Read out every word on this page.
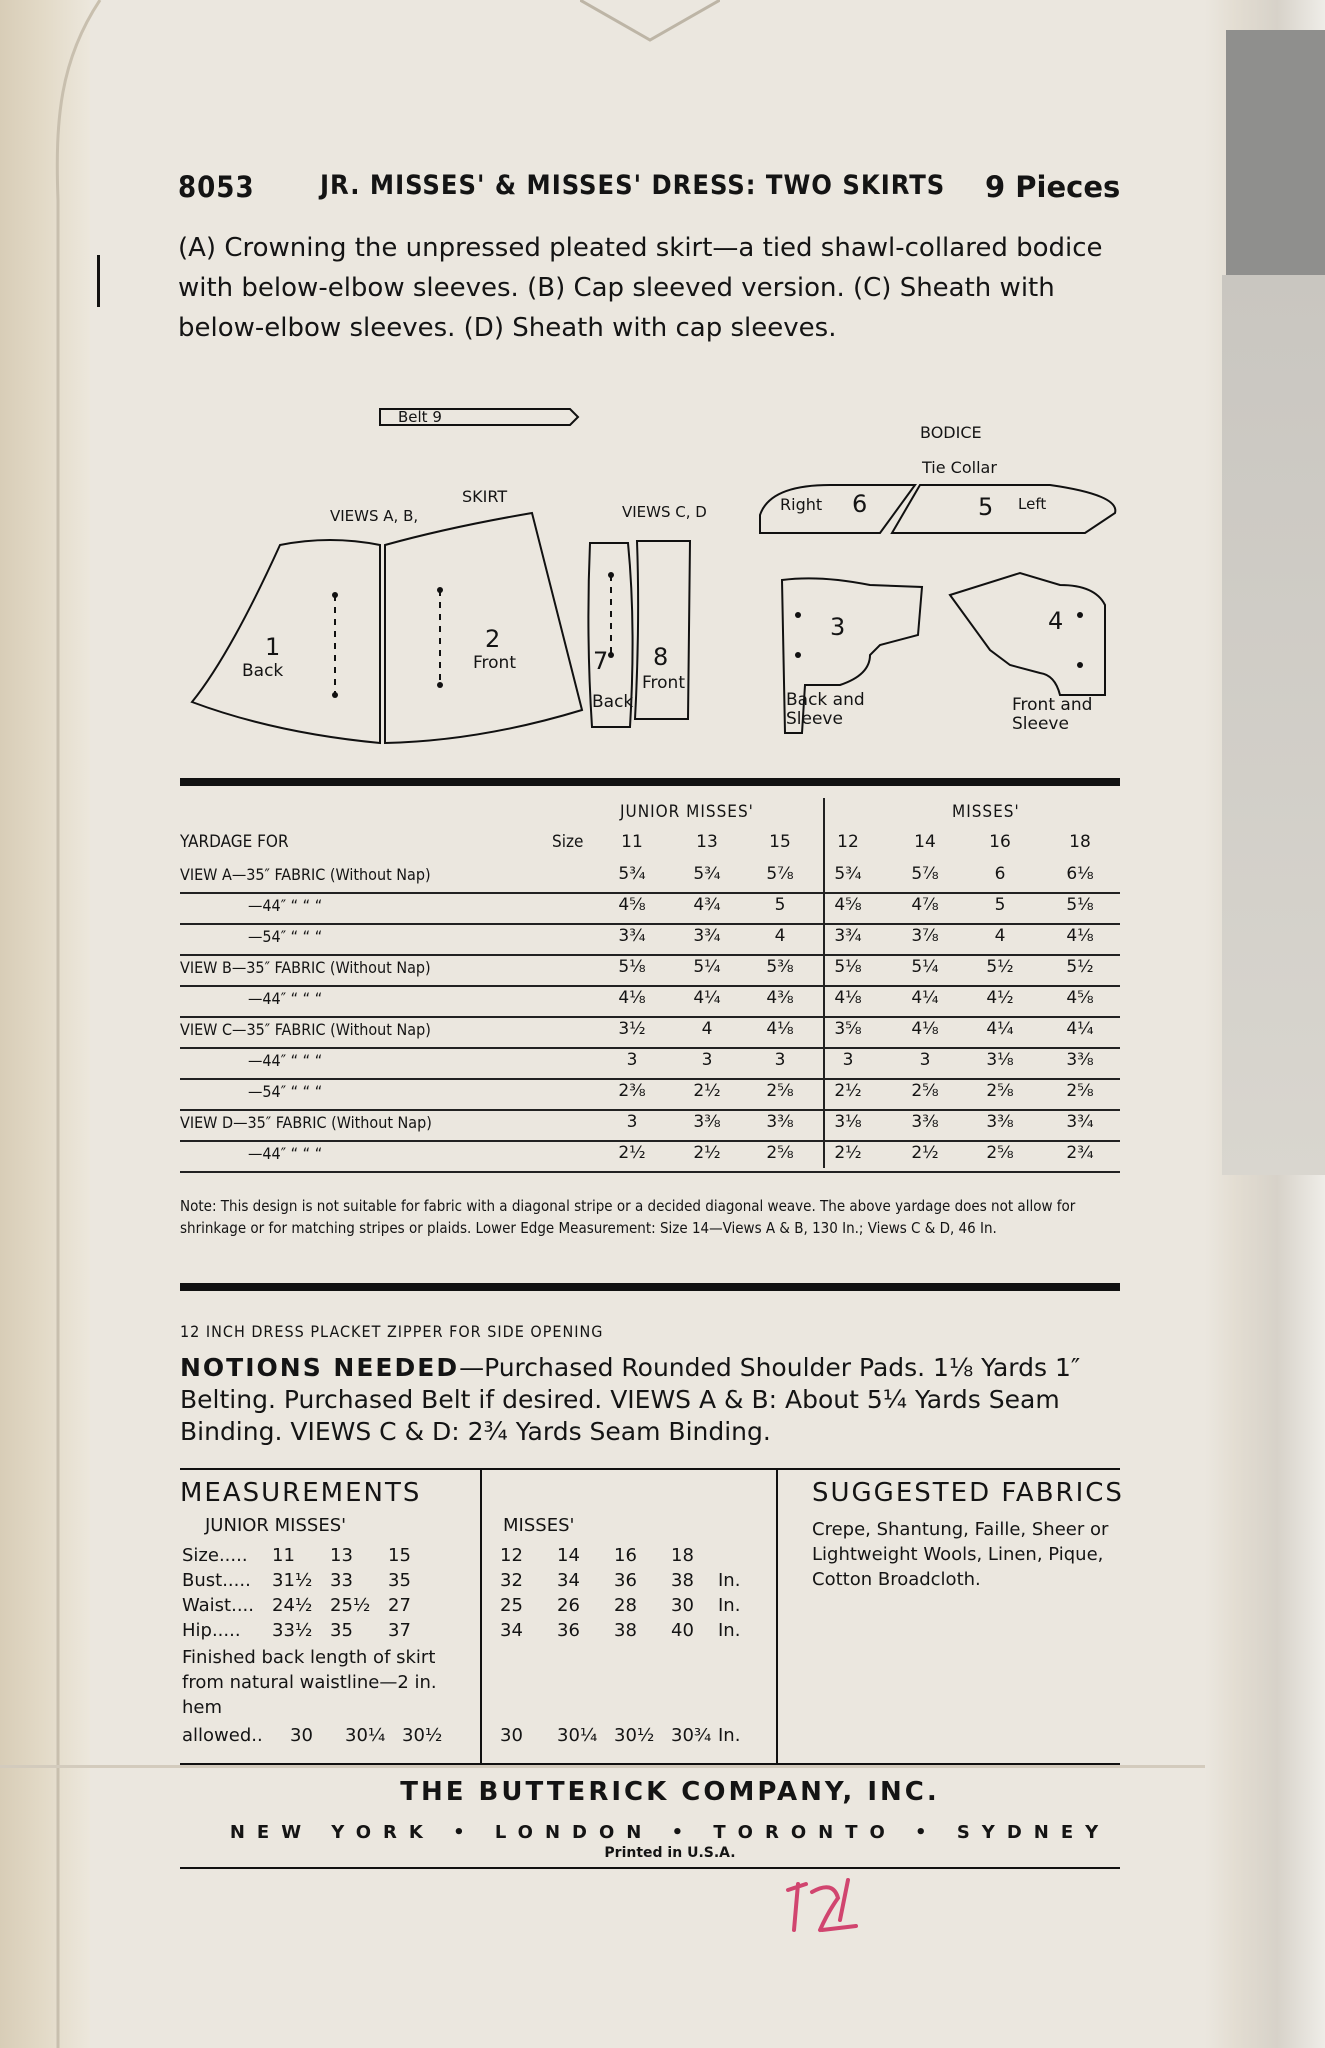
8053 JR. MISSES' & MISSES' DRESS: TWO SKIRTS 9 Pieces
(A) Crowning the unpressed pleated skirt—a tied shawl-collared bodice with below-elbow sleeves. (B) Cap sleeved version. (C) Sheath with below-elbow sleeves. (D) Sheath with cap sleeves.
Belt 9
BODICE
Tie Collar
Right 6	5 Left
SKIRT
VIEWS A, B,	VIEWS C, D
1
Back
2
Front	7
Back
8
Front
3
Back and
Sleeve
4
Front and
Sleeve
JUNIOR MISSES'	MISSES'
YARDAGE FOR	Size	11	13	15	12	14	16	18
VIEW A—35″ FABRIC (Without Nap)	5¾	5¾	5⅞	5¾	5⅞	6	6⅛
—44″ “ “ “	4⅝	4¾	5	4⅝	4⅞	5	5⅛
—54″ “ “ “	3¾	3¾	4	3¾	3⅞	4	4⅛
VIEW B—35″ FABRIC (Without Nap)	5⅛	5¼	5⅜	5⅛	5¼	5½	5½
—44″ “ “ “	4⅛	4¼	4⅜	4⅛	4¼	4½	4⅝
VIEW C—35″ FABRIC (Without Nap)	3½	4	4⅛	3⅝	4⅛	4¼	4¼
—44″ “ “ “	3	3	3	3	3	3⅛	3⅜
—54″ “ “ “	2⅜	2½	2⅝	2½	2⅝	2⅝	2⅝
VIEW D—35″ FABRIC (Without Nap)	3	3⅜	3⅜	3⅛	3⅜	3⅜	3¾
—44″ “ “ “	2½	2½	2⅝	2½	2½	2⅝	2¾
Note: This design is not suitable for fabric with a diagonal stripe or a decided diagonal weave. The above yardage does not allow for shrinkage or for matching stripes or plaids. Lower Edge Measurement: Size 14—Views A & B, 130 In.; Views C & D, 46 In.
12 INCH DRESS PLACKET ZIPPER FOR SIDE OPENING
NOTIONS NEEDED—Purchased Rounded Shoulder Pads. 1⅛ Yards 1″ Belting. Purchased Belt if desired. VIEWS A & B: About 5¼ Yards Seam Binding. VIEWS C & D: 2¾ Yards Seam Binding.
MEASUREMENTS	SUGGESTED FABRICS
JUNIOR MISSES'	MISSES'
Size..... 11 13 15	12 14 16 18
Bust..... 31½ 33 35	32 34 36 38 In.
Waist.... 24½ 25½ 27	25 26 28 30 In.
Hip..... 33½ 35 37	34 36 38 40 In.
Finished back length of skirt
from natural waistline—2 in.
hem
allowed.. 30 30¼ 30½	30 30¼ 30½ 30¾ In.
Crepe, Shantung, Faille, Sheer or Lightweight Wools, Linen, Pique, Cotton Broadcloth.
THE BUTTERICK COMPANY, INC.
NEW YORK • LONDON • TORONTO • SYDNEY
Printed in U.S.A.
